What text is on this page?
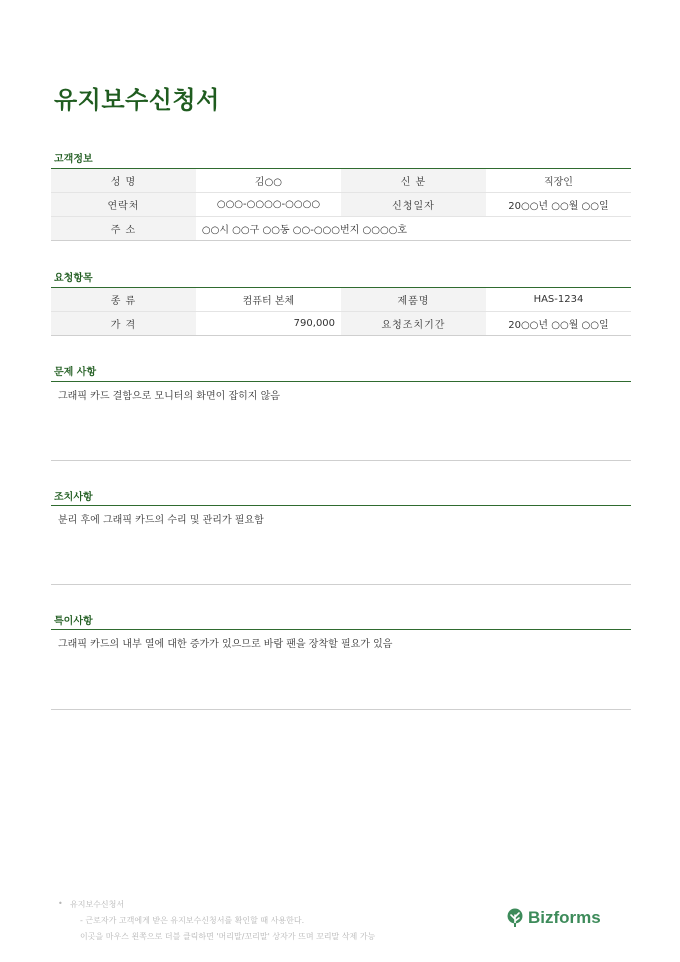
유지보수신청서
고객정보
성 명	김○○	신 분	직장인
연락처	○○○-○○○○-○○○○	신청일자	20○○년 ○○월 ○○일
주 소	○○시 ○○구 ○○동 ○○-○○○번지 ○○○○호		
요청항목
종 류	컴퓨터 본체	제품명	HAS-1234
가 격	790,000	요청조치기간	20○○년 ○○월 ○○일
문제 사항
그래픽 카드 결함으로 모니터의 화면이 잡히지 않음
조치사항
분리 후에 그래픽 카드의 수리 및 관리가 필요함
특이사항
그래픽 카드의 내부 열에 대한 증가가 있으므로 바람 팬을 장착할 필요가 있음
• 유지보수신청서
- 근로자가 고객에게 받은 유지보수신청서를 확인할 때 사용한다.
이곳을 마우스 왼쪽으로 더블 클릭하면 '머리말/꼬리말' 상자가 뜨며 꼬리말 삭제 가능
Bizforms
